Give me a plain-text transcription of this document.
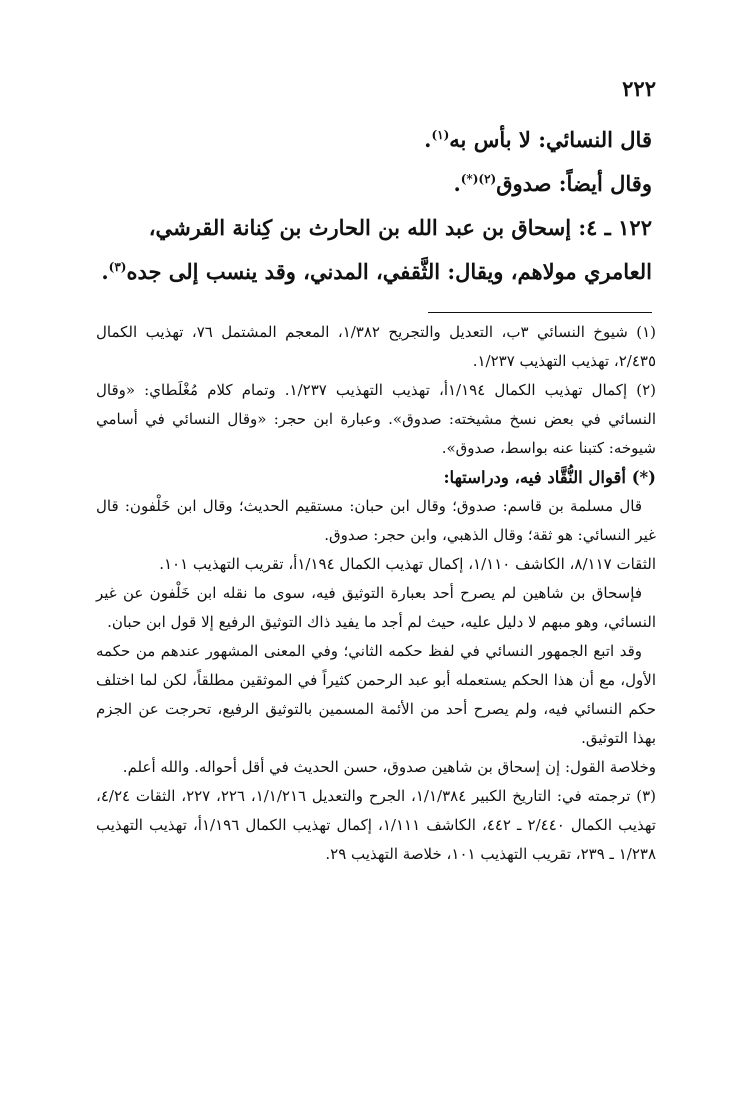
٢٢٢

قال النسائي: لا بأس به$^{(١)}$.

وقال أيضاً: صدوق$^{(٢)(*)}$.

١٢٢ ـ ٤: إسحاق بن عبد الله بن الحارث بن كِنانة القرشي، العامري مولاهم، ويقال: الثَّقفي، المدني، وقد ينسب إلى جده$^{(٣)}$.

(١) شيوخ النسائي ٣ب، التعديل والتجريح ١/٣٨٢، المعجم المشتمل ٧٦، تهذيب الكمال ٢/٤٣٥، تهذيب التهذيب ١/٢٣٧.

(٢) إكمال تهذيب الكمال ١/١٩٤أ، تهذيب التهذيب ١/٢٣٧. وتمام كلام مُغْلَطاي: «وقال النسائي في بعض نسخ مشيخته: صدوق». وعبارة ابن حجر: «وقال النسائي في أسامي شيوخه: كتبنا عنه بواسط، صدوق».

(*) أقوال النُّقَّاد فيه، ودراستها:

قال مسلمة بن قاسم: صدوق؛ وقال ابن حبان: مستقيم الحديث؛ وقال ابن خَلْفون: قال غير النسائي: هو ثقة؛ وقال الذهبي، وابن حجر: صدوق.

الثقات ٨/١١٧، الكاشف ١/١١٠، إكمال تهذيب الكمال ١/١٩٤أ، تقريب التهذيب ١٠١.

فإسحاق بن شاهين لم يصرح أحد بعبارة التوثيق فيه، سوى ما نقله ابن خَلْفون عن غير النسائي، وهو مبهم لا دليل عليه، حيث لم أجد ما يفيد ذاك التوثيق الرفيع إلا قول ابن حبان.

وقد اتبع الجمهور النسائي في لفظ حكمه الثاني؛ وفي المعنى المشهور عندهم من حكمه الأول، مع أن هذا الحكم يستعمله أبو عبد الرحمن كثيراً في الموثقين مطلقاً، لكن لما اختلف حكم النسائي فيه، ولم يصرح أحد من الأئمة المسمين بالتوثيق الرفيع، تحرجت عن الجزم بهذا التوثيق.

وخلاصة القول: إن إسحاق بن شاهين صدوق، حسن الحديث في أقل أحواله. والله أعلم.

(٣) ترجمته في: التاريخ الكبير ١/١/٣٨٤، الجرح والتعديل ١/١/٢١٦، ٢٢٦، ٢٢٧، الثقات ٤/٢٤، تهذيب الكمال ٢/٤٤٠ ـ ٤٤٢، الكاشف ١/١١١، إكمال تهذيب الكمال ١/١٩٦أ، تهذيب التهذيب ١/٢٣٨ ـ ٢٣٩، تقريب التهذيب ١٠١، خلاصة التهذيب ٢٩.
